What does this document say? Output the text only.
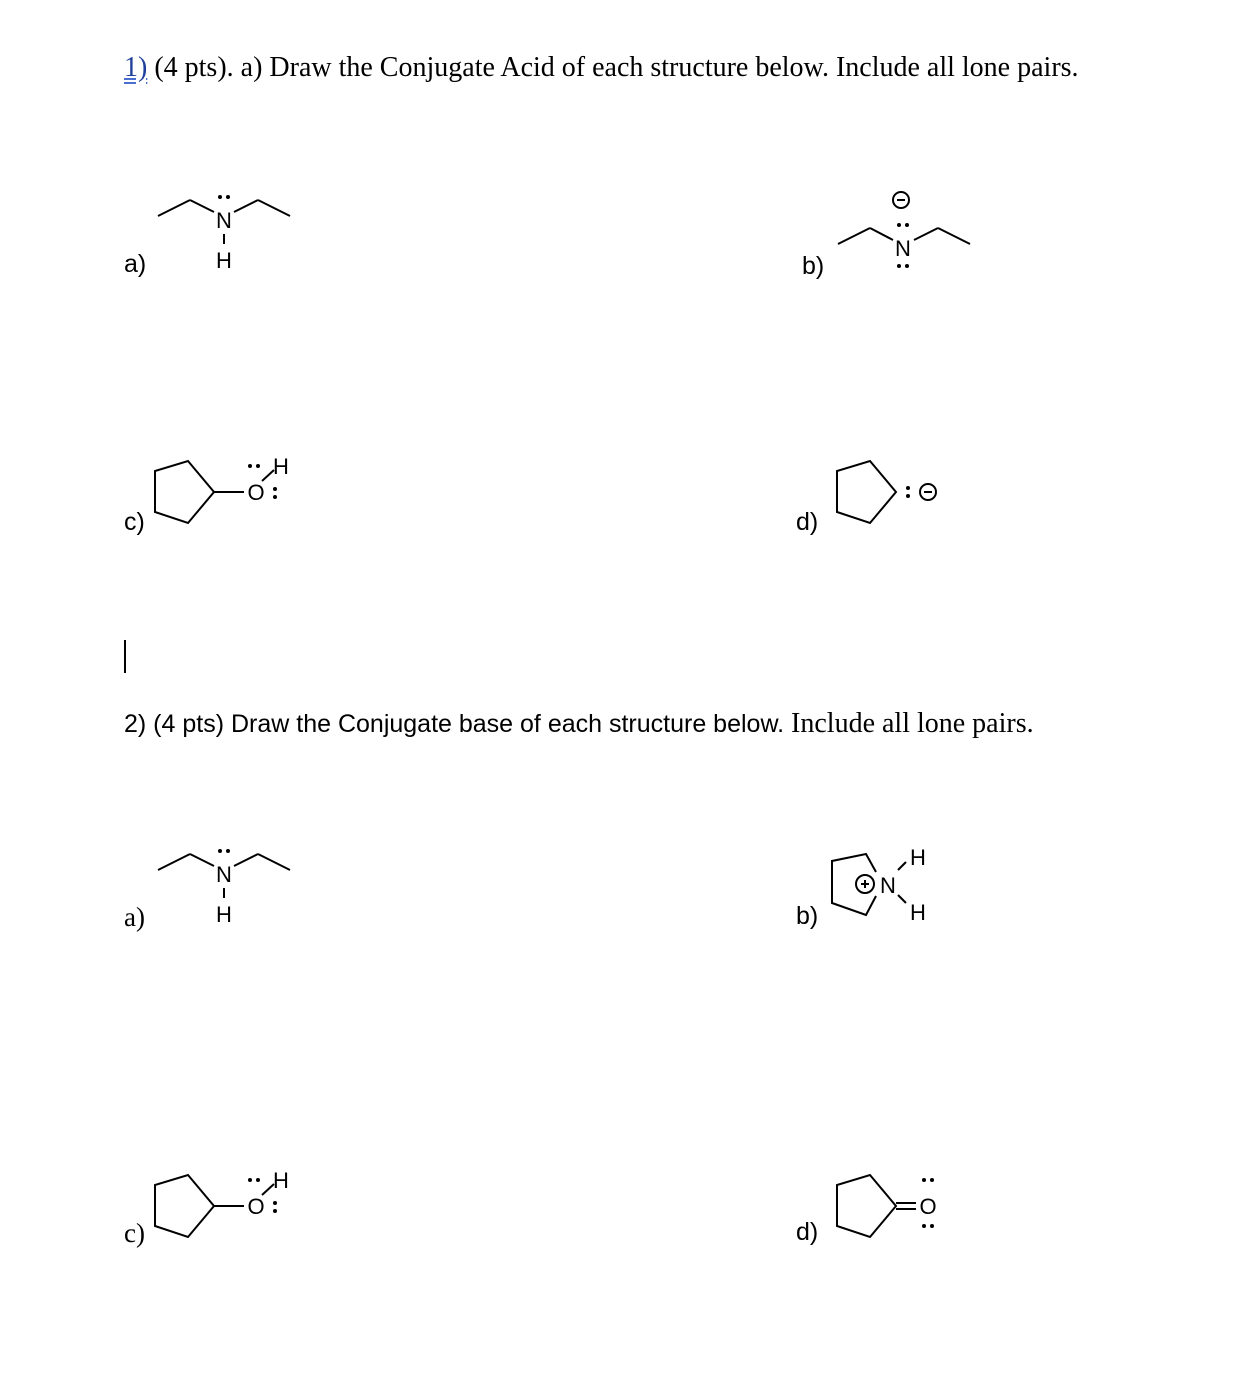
1) (4 pts). a) Draw the Conjugate Acid of each structure below. Include all lone pairs.
a)	b)
c)	d)
2) (4 pts) Draw the Conjugate base of each structure below. Include all lone pairs.
a)	b)
c)	d)
N
H	N
O
H
N
H
N
H
H
O
H
O
